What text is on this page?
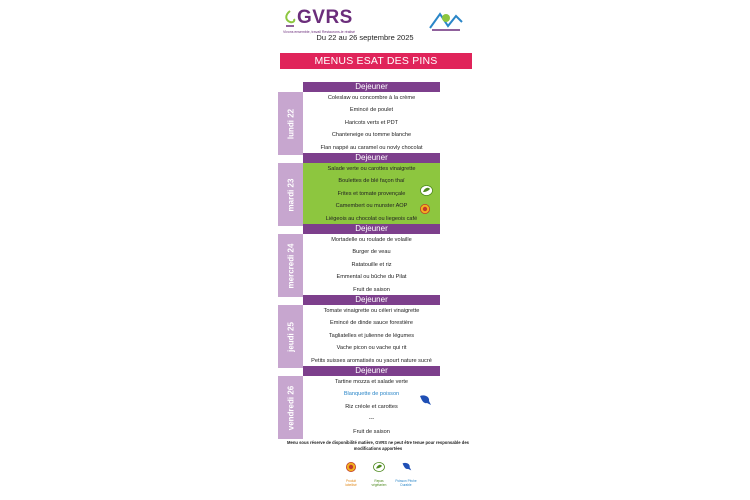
GVRS
Vivons ensemble, travail Restaurons-le réalisé
Du 22 au 26 septembre 2025
MENUS ESAT DES PINS
lundi 22
Dejeuner
Coleslaw ou concombre à la crème
Emincé de poulet
Haricots verts et PDT
Chanteneige ou tomme blanche
Flan nappé au caramel ou novly chocolat
mardi 23
Dejeuner
Salade verte ou carottes vinaigrette
Boulettes de blé façon thaï
Frites et tomate provençale
Camembert ou munster AOP
Liégeois au chocolat ou liegeois café
mercredi 24
Dejeuner
Mortadelle ou roulade de volaille
Burger de veau
Ratatouille et riz
Emmental ou bûche du Pilat
Fruit de saison
jeudi 25
Dejeuner
Tomate vinaigrette ou céleri vinaigrette
Emincé de dinde sauce forestière
Tagliatelles et julienne de légumes
Vache picon ou vache qui rit
Petits suisses aromatisés ou yaourt nature sucré
vendredi 26
Dejeuner
Tartine mozza et salade verte
Blanquette de poisson
Riz créole et carottes
---
Fruit de saison
Menu sous réserve de disponibilité matière, GVRS ne peut être tenue pour responsable des modifications apportées
Produit labellisé
Repas végétarien
Poisson Pêche Durable
